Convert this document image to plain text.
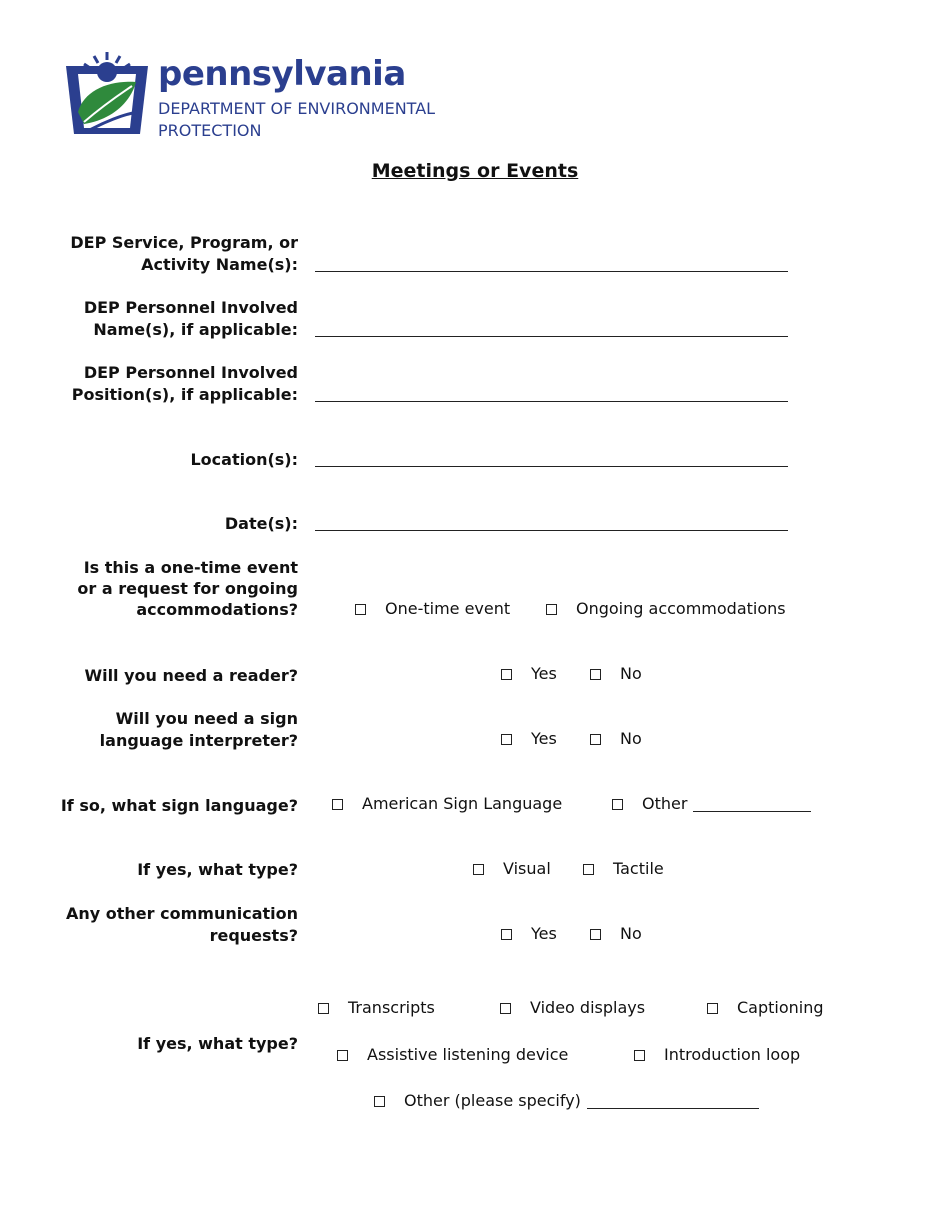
pennsylvania
DEPARTMENT OF ENVIRONMENTAL
PROTECTION
Meetings or Events
DEP Service, Program, or
Activity Name(s):
DEP Personnel Involved
Name(s), if applicable:
DEP Personnel Involved
Position(s), if applicable:
Location(s):
Date(s):
Is this a one-time event
or a request for ongoing
accommodations?	One-time event	Ongoing accommodations
Will you need a reader?	Yes	No
Will you need a sign
language interpreter?	Yes	No
If so, what sign language?	American Sign Language	Other
If yes, what type?	Visual	Tactile
Any other communication
requests?	Yes	No
If yes, what type?
Transcripts	Video displays	Captioning
Assistive listening device	Introduction loop
Other (please specify)
